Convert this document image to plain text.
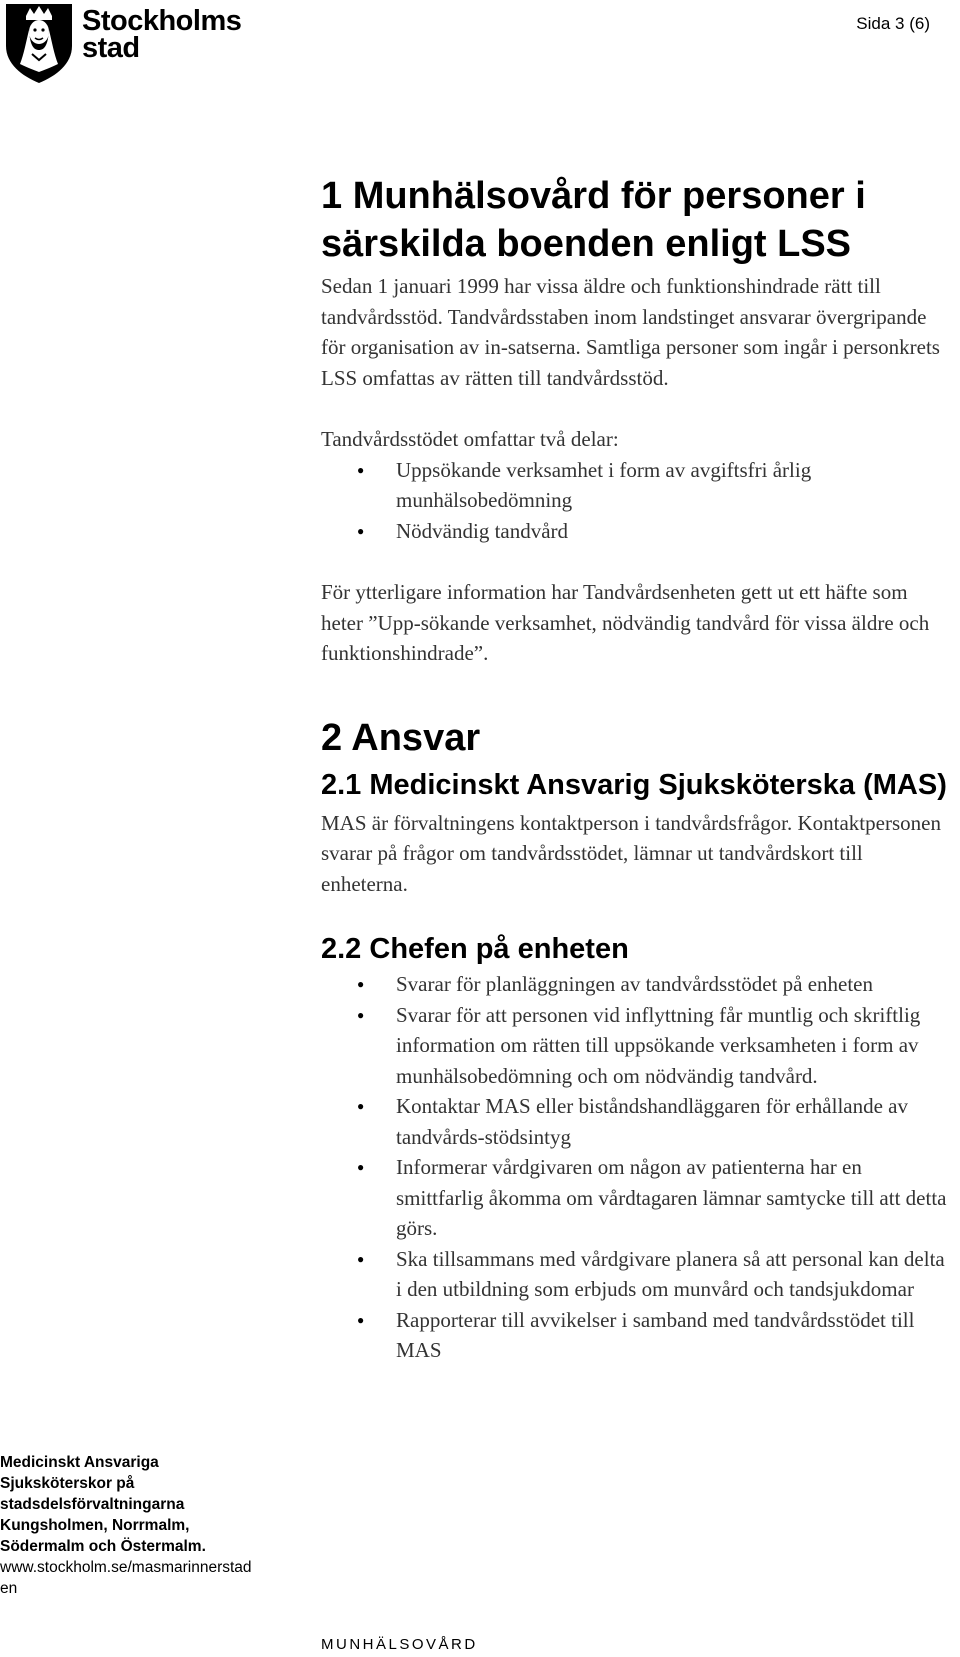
Stockholms
stad
Sida 3 (6)
1 Munhälsovård för personer i särskilda boenden enligt LSS

Sedan 1 januari 1999 har vissa äldre och funktionshindrade rätt till tandvårdsstöd. Tandvårdsstaben inom landstinget ansvarar övergripande för organisation av in-satserna. Samtliga personer som ingår i personkrets LSS omfattas av rätten till tandvårdsstöd.

Tandvårdsstödet omfattar två delar:

● Uppsökande verksamhet i form av avgiftsfri årlig munhälsobedömning
● Nödvändig tandvård

För ytterligare information har Tandvårdsenheten gett ut ett häfte som heter ”Upp-sökande verksamhet, nödvändig tandvård för vissa äldre och funktionshindrade”.

2 Ansvar
2.1 Medicinskt Ansvarig Sjuksköterska (MAS)

MAS är förvaltningens kontaktperson i tandvårdsfrågor. Kontaktpersonen svarar på frågor om tandvårdsstödet, lämnar ut tandvårdskort till enheterna.

2.2 Chefen på enheten
● Svarar för planläggningen av tandvårdsstödet på enheten
● Svarar för att personen vid inflyttning får muntlig och skriftlig information om rätten till uppsökande verksamheten i form av munhälsobedömning och om nödvändig tandvård.
● Kontaktar MAS eller biståndshandläggaren för erhållande av tandvårds-stödsintyg
● Informerar vårdgivaren om någon av patienterna har en smittfarlig åkomma om vårdtagaren lämnar samtycke till att detta görs.
● Ska tillsammans med vårdgivare planera så att personal kan delta i den utbildning som erbjuds om munvård och tandsjukdomar
● Rapporterar till avvikelser i samband med tandvårdsstödet till MAS
Medicinskt Ansvariga Sjuksköterskor på stadsdelsförvaltningarna Kungsholmen, Norrmalm, Södermalm och Östermalm.
www.stockholm.se/masmarinnerstaden
MUNHÄLSOVÅRD
